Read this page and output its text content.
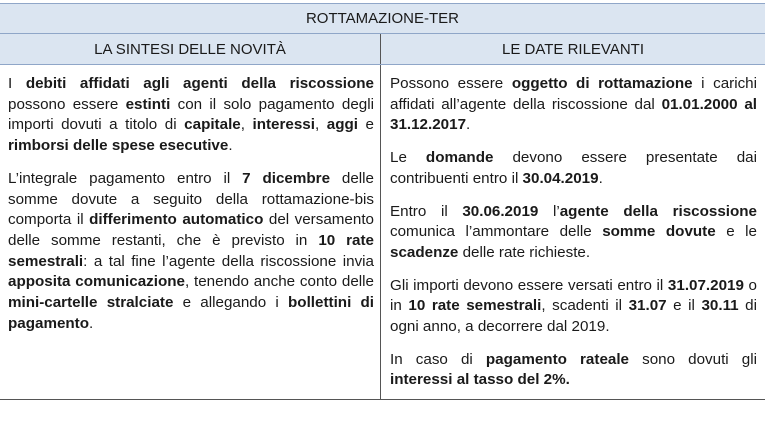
ROTTAMAZIONE-TER
LA SINTESI DELLE NOVITÀ	LE DATE RILEVANTI

I debiti affidati agli agenti della riscossione possono essere estinti con il solo pagamento degli importi dovuti a titolo di capitale, interessi, aggi e rimborsi delle spese esecutive.

L’integrale pagamento entro il 7 dicembre delle somme dovute a seguito della rottamazione-bis comporta il differimento automatico del versamento delle somme restanti, che è previsto in 10 rate semestrali: a tal fine l’agente della riscossione invia apposita comunicazione, tenendo anche conto delle mini-cartelle stralciate e allegando i bollettini di pagamento.

Possono essere oggetto di rottamazione i carichi affidati all’agente della riscossione dal 01.01.2000 al 31.12.2017.

Le domande devono essere presentate dai contribuenti entro il 30.04.2019.

Entro il 30.06.2019 l’agente della riscossione comunica l’ammontare delle somme dovute e le scadenze delle rate richieste.

Gli importi devono essere versati entro il 31.07.2019 o in 10 rate semestrali, scadenti il 31.07 e il 30.11 di ogni anno, a decorrere dal 2019.

In caso di pagamento rateale sono dovuti gli interessi al tasso del 2%.
